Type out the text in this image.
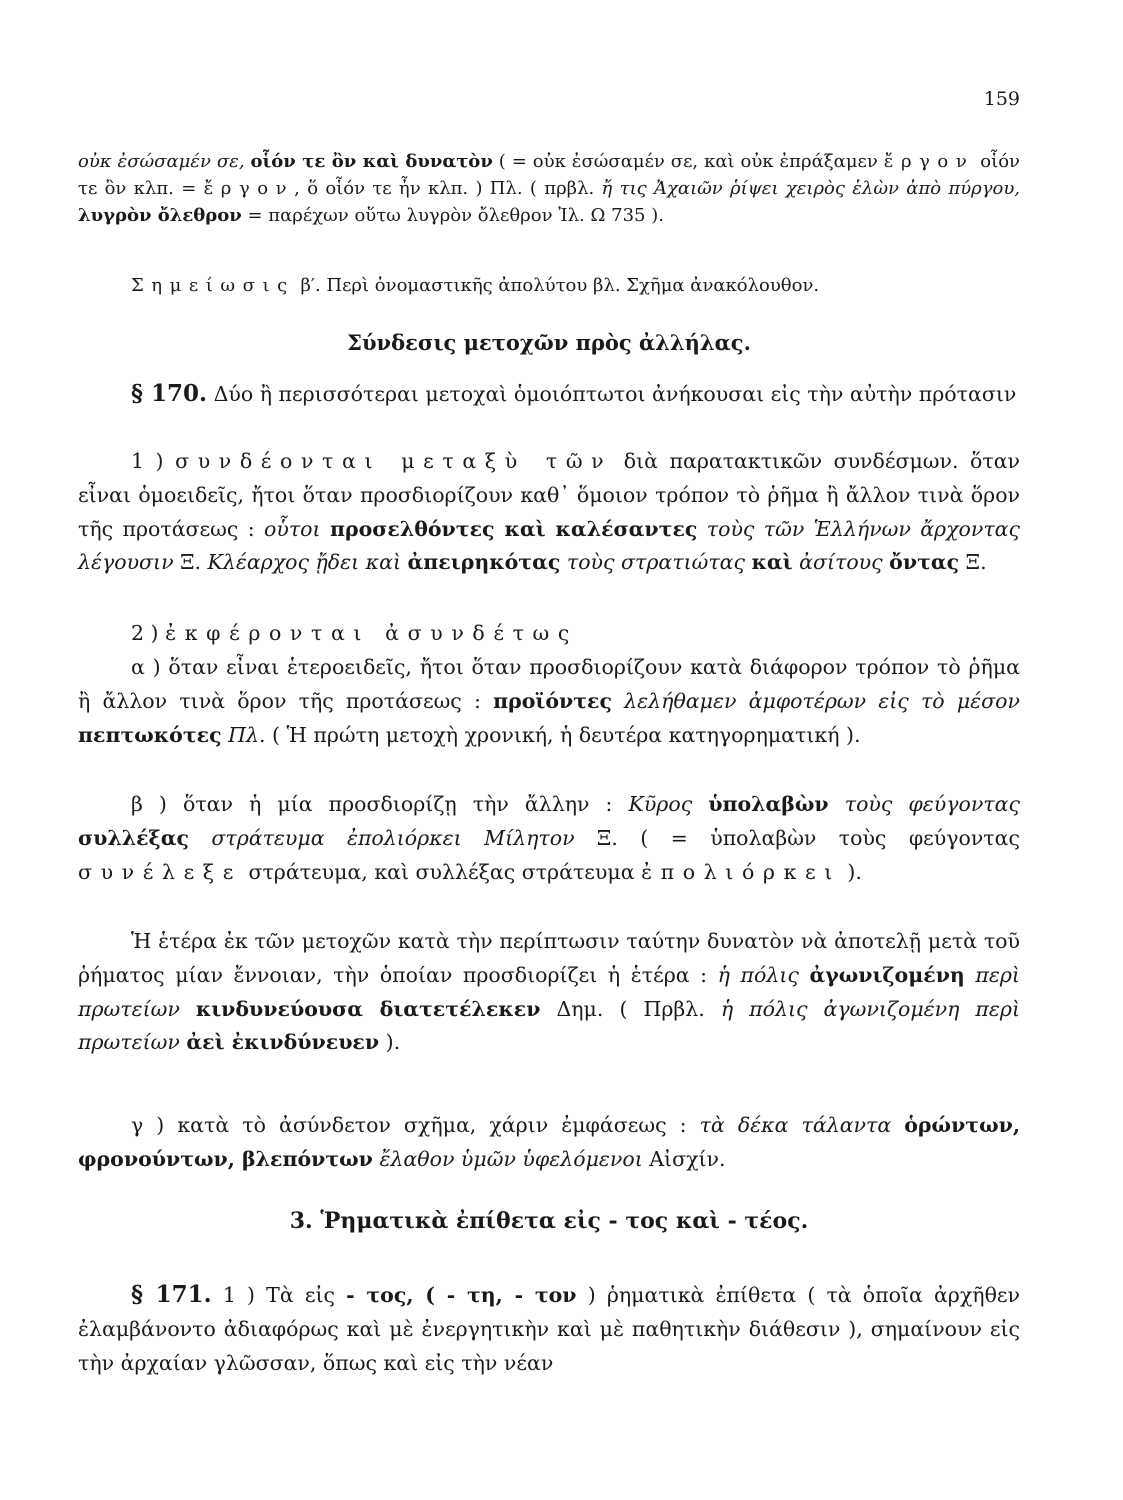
159
οὐκ ἐσώσαμέν σε, οἷόν τε ὂν καὶ δυνατὸν ( = οὐκ ἐσώσαμέν σε, καὶ οὐκ ἐπράξαμεν ἔργον οἷόν τε ὂν κλπ. = ἔργον, ὅ οἷόν τε ἦν κλπ. ) Πλ. ( πρβλ. ἤ τις Ἀχαιῶν ῥίψει χειρὸς ἑλὼν ἀπὸ πύργου, λυγρὸν ὄλεθρον = παρέχων οὕτω λυγρὸν ὄλεθρον Ἰλ. Ω 735 ).
Σημείωσις β′. Περὶ ὀνομαστικῆς ἀπολύτου βλ. Σχῆμα ἀνακόλουθον.
Σύνδεσις μετοχῶν πρὸς ἀλλήλας.
§ 170. Δύο ἢ περισσότεραι μετοχαὶ ὁμοιόπτωτοι ἀνήκουσαι εἰς τὴν αὐτὴν πρότασιν
1 ) συνδέονται μεταξὺ τῶν διὰ παρατακτικῶν συνδέσμων. ὅταν εἶναι ὁμοειδεῖς, ἤτοι ὅταν προσδιορίζουν καθ᾽ ὅμοιον τρόπον τὸ ῥῆμα ἢ ἄλλον τινὰ ὅρον τῆς προτάσεως : οὗτοι προσελθόντες καὶ καλέσαντες τοὺς τῶν Ἑλλήνων ἄρχοντας λέγουσιν Ξ. Κλέαρχος ᾔδει καὶ ἀπειρηκότας τοὺς στρατιώτας καὶ ἀσίτους ὄντας Ξ.
2 ) ἐκφέρονται ἀσυνδέτως
α ) ὅταν εἶναι ἑτεροειδεῖς, ἤτοι ὅταν προσδιορίζουν κατὰ διάφορον τρόπον τὸ ῥῆμα ἢ ἄλλον τινὰ ὅρον τῆς προτάσεως : προϊόντες λελήθαμεν ἀμφοτέρων εἰς τὸ μέσον πεπτωκότες Πλ. ( Ἡ πρώτη μετοχὴ χρονική, ἡ δευτέρα κατηγορηματική ).
β ) ὅταν ἡ μία προσδιορίζῃ τὴν ἄλλην : Κῦρος ὑπολαβὼν τοὺς φεύγοντας συλλέξας στράτευμα ἐπολιόρκει Μίλητον Ξ. ( = ὑπολαβὼν τοὺς φεύγοντας συνέλεξε στράτευμα, καὶ συλλέξας στράτευμα ἐπολιόρκει ).
Ἡ ἑτέρα ἐκ τῶν μετοχῶν κατὰ τὴν περίπτωσιν ταύτην δυνατὸν νὰ ἀποτελῇ μετὰ τοῦ ῥήματος μίαν ἔννοιαν, τὴν ὁποίαν προσδιορίζει ἡ ἑτέρα : ἡ πόλις ἀγωνιζομένη περὶ πρωτείων κινδυνεύουσα διατετέλεκεν Δημ. ( Πρβλ. ἡ πόλις ἀγωνιζομένη περὶ πρωτείων ἀεὶ ἐκινδύνευεν ).
γ ) κατὰ τὸ ἀσύνδετον σχῆμα, χάριν ἐμφάσεως : τὰ δέκα τάλαντα ὁρώντων, φρονούντων, βλεπόντων ἔλαθον ὑμῶν ὑφελόμενοι Αἰσχίν.
3. Ῥηματικὰ ἐπίθετα εἰς - τος καὶ - τέος.
§ 171. 1 ) Τὰ εἰς - τος, ( - τη, - τον ) ῥηματικὰ ἐπίθετα ( τὰ ὁποῖα ἀρχῆθεν ἐλαμβάνοντο ἀδιαφόρως καὶ μὲ ἐνεργητικὴν καὶ μὲ παθητικὴν διάθεσιν ), σημαίνουν εἰς τὴν ἀρχαίαν γλῶσσαν, ὅπως καὶ εἰς τὴν νέαν
